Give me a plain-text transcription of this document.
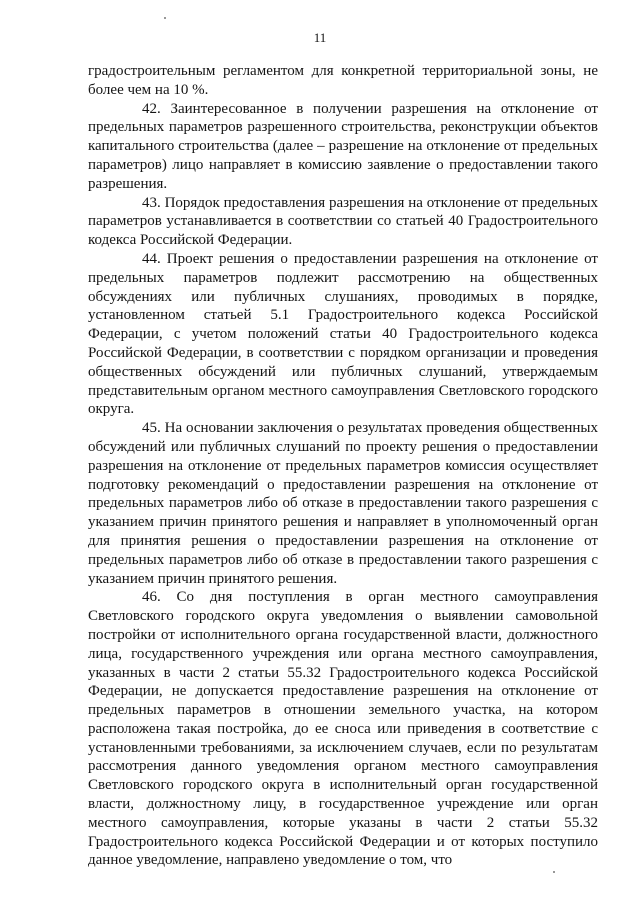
11

градостроительным регламентом для конкретной территориальной зоны, не более чем на 10 %.

42. Заинтересованное в получении разрешения на отклонение от предельных параметров разрешенного строительства, реконструкции объектов капитального строительства (далее – разрешение на отклонение от предельных параметров) лицо направляет в комиссию заявление о предоставлении такого разрешения.

43. Порядок предоставления разрешения на отклонение от предельных параметров устанавливается в соответствии со статьей 40 Градостроительного кодекса Российской Федерации.

44. Проект решения о предоставлении разрешения на отклонение от предельных параметров подлежит рассмотрению на общественных обсуждениях или публичных слушаниях, проводимых в порядке, установленном статьей 5.1 Градостроительного кодекса Российской Федерации, с учетом положений статьи 40 Градостроительного кодекса Российской Федерации, в соответствии с порядком организации и проведения общественных обсуждений или публичных слушаний, утверждаемым представительным органом местного самоуправления Светловского городского округа.

45. На основании заключения о результатах проведения общественных обсуждений или публичных слушаний по проекту решения о предоставлении разрешения на отклонение от предельных параметров комиссия осуществляет подготовку рекомендаций о предоставлении разрешения на отклонение от предельных параметров либо об отказе в предоставлении такого разрешения с указанием причин принятого решения и направляет в уполномоченный орган для принятия решения о предоставлении разрешения на отклонение от предельных параметров либо об отказе в предоставлении такого разрешения с указанием причин принятого решения.

46. Со дня поступления в орган местного самоуправления Светловского городского округа уведомления о выявлении самовольной постройки от исполнительного органа государственной власти, должностного лица, государственного учреждения или органа местного самоуправления, указанных в части 2 статьи 55.32 Градостроительного кодекса Российской Федерации, не допускается предоставление разрешения на отклонение от предельных параметров в отношении земельного участка, на котором расположена такая постройка, до ее сноса или приведения в соответствие с установленными требованиями, за исключением случаев, если по результатам рассмотрения данного уведомления органом местного самоуправления Светловского городского округа в исполнительный орган государственной власти, должностному лицу, в государственное учреждение или орган местного самоуправления, которые указаны в части 2 статьи 55.32 Градостроительного кодекса Российской Федерации и от которых поступило данное уведомление, направлено уведомление о том, что
